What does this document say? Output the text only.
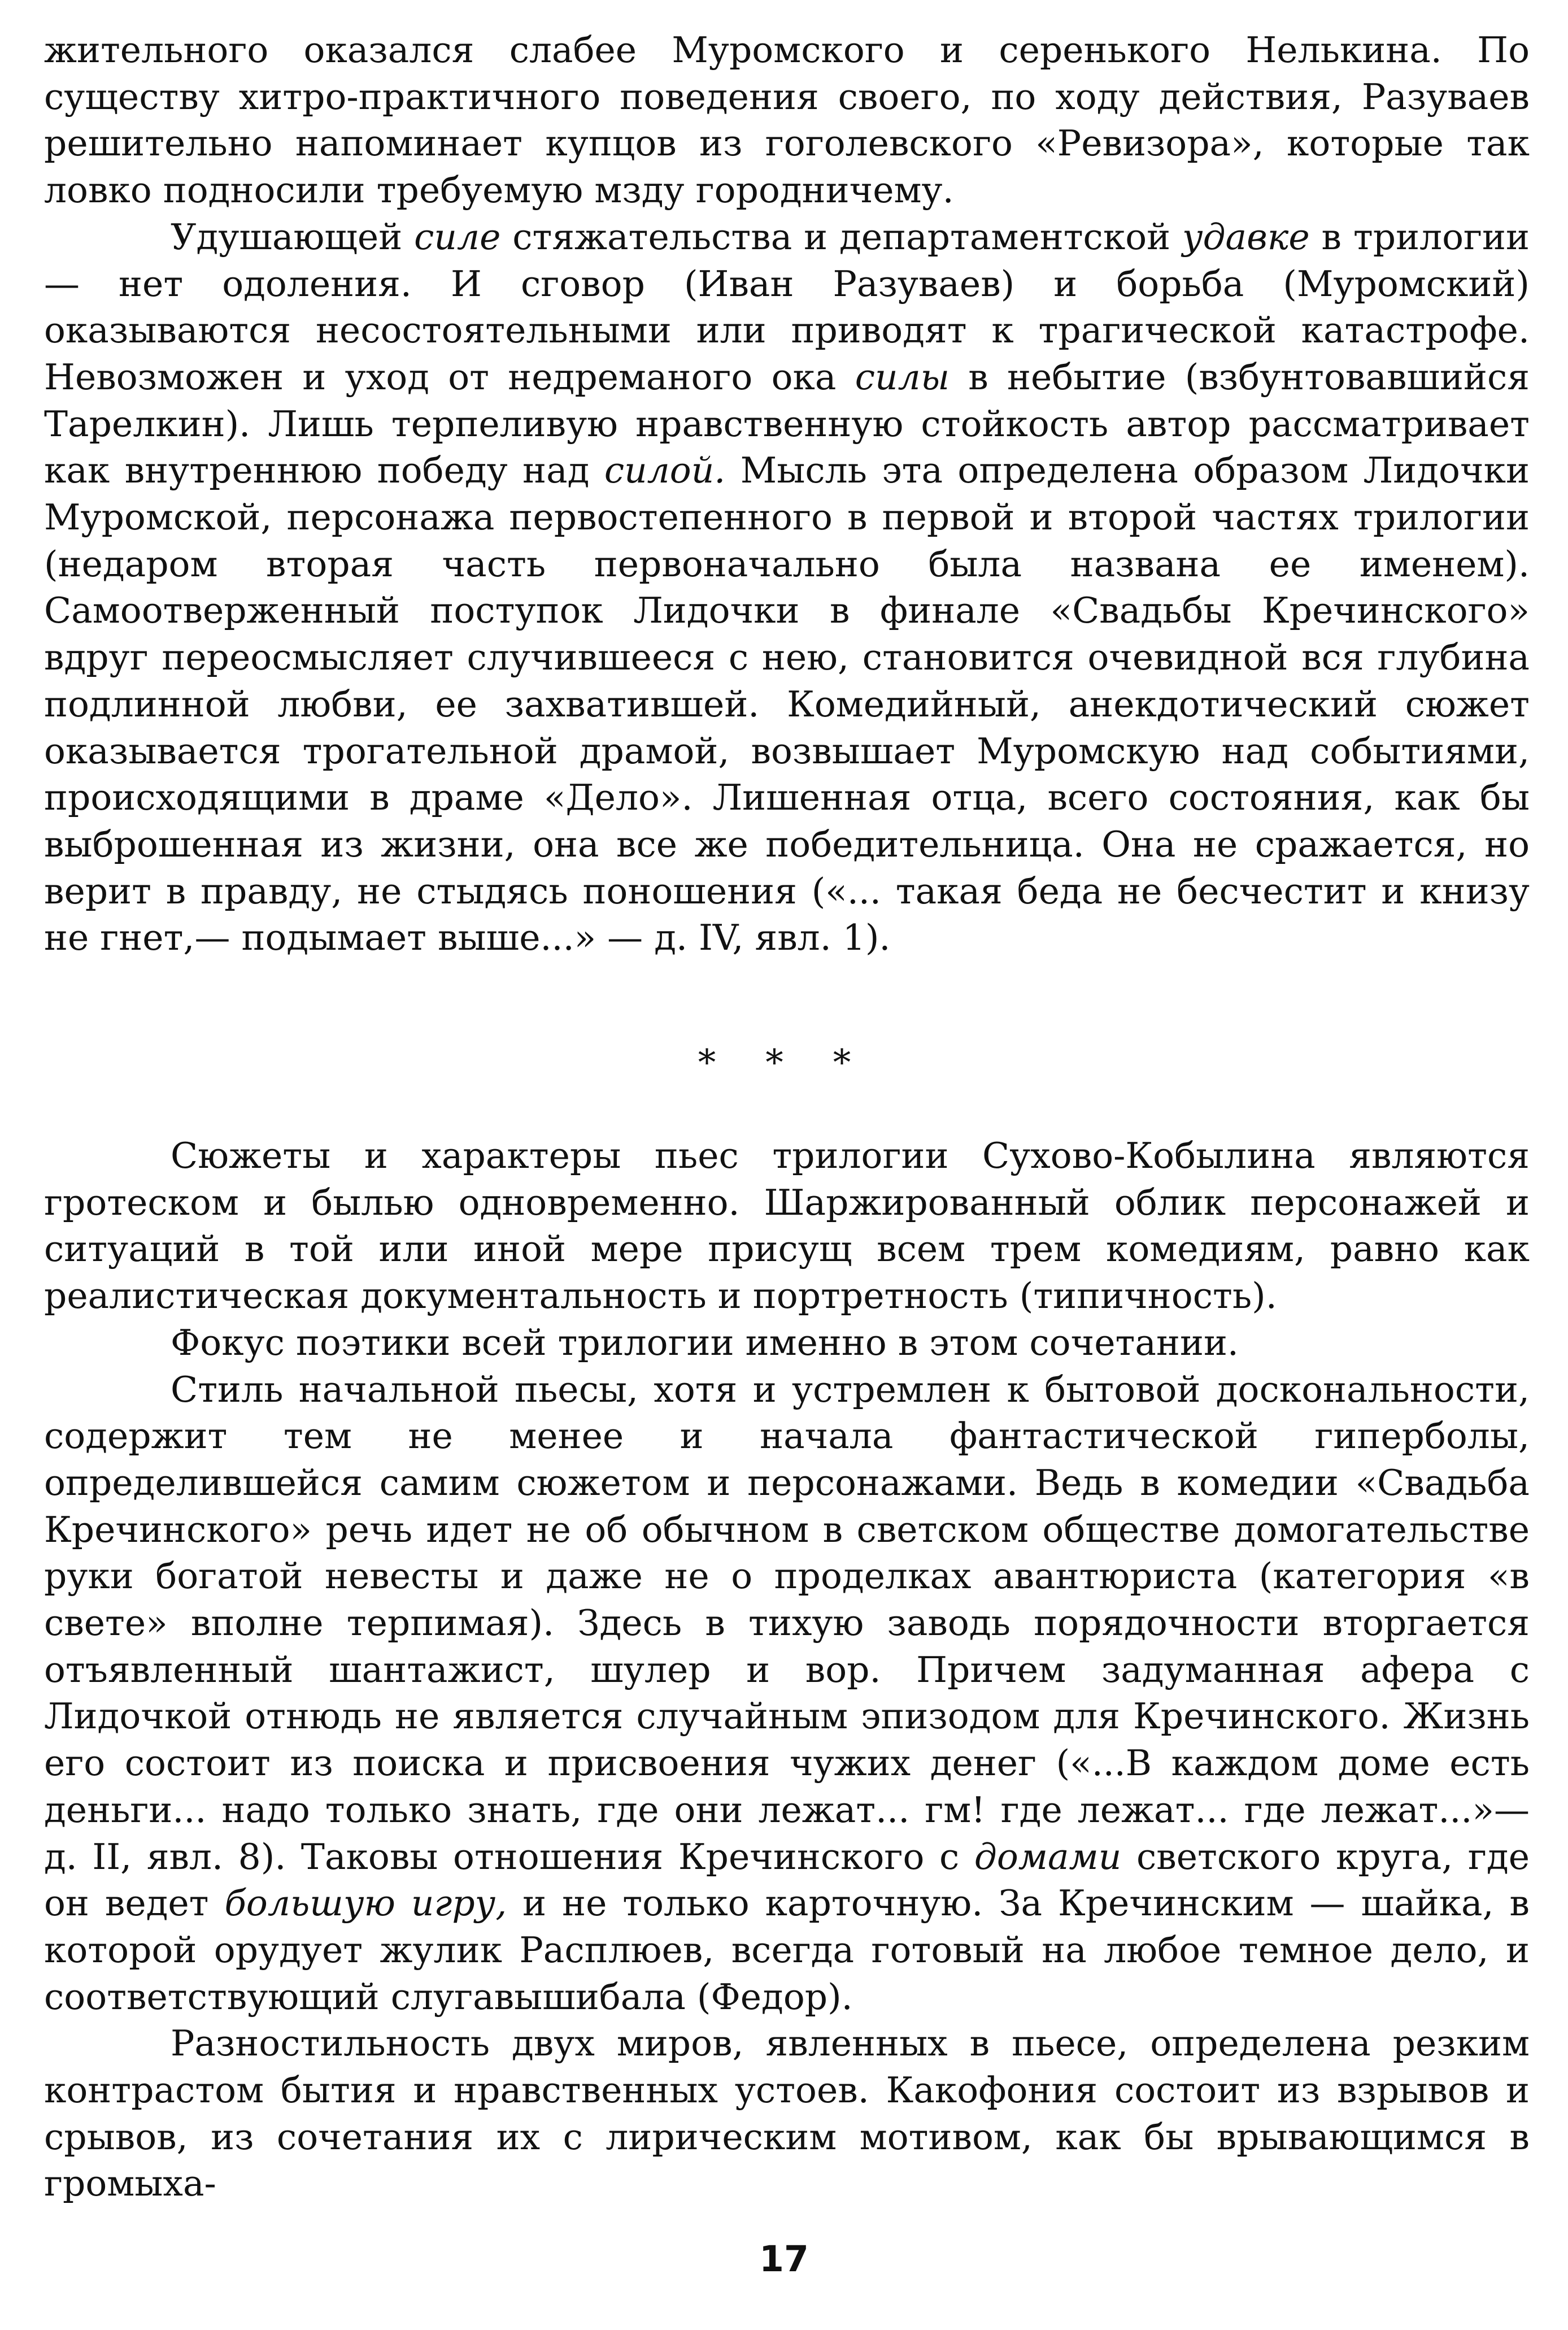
жительного оказался слабее Муромского и серенького Нелькина. По существу хитро-практичного поведения своего, по ходу действия, Разуваев решительно напоминает купцов из гоголевского «Ревизора», которые так ловко подносили требуемую мзду городничему.

Удушающей силе стяжательства и департаментской удавке в трилогии — нет одоления. И сговор (Иван Разуваев) и борьба (Муромский) оказываются несостоятельными или приводят к трагической катастрофе. Невозможен и уход от недреманого ока силы в небытие (взбунтовавшийся Тарелкин). Лишь терпеливую нравственную стойкость автор рассматривает как внутреннюю победу над силой. Мысль эта определена образом Лидочки Муромской, персонажа первостепенного в первой и второй частях трилогии (недаром вторая часть первоначально была названа ее именем). Самоотверженный поступок Лидочки в финале «Свадьбы Кречинского» вдруг переосмысляет случившееся с нею, становится очевидной вся глубина подлинной любви, ее захватившей. Комедийный, анекдотический сюжет оказывается трогательной драмой, возвышает Муромскую над событиями, происходящими в драме «Дело». Лишенная отца, всего состояния, как бы выброшенная из жизни, она все же победительница. Она не сражается, но верит в правду, не стыдясь поношения («... такая беда не бесчестит и книзу не гнет,— подымает выше...» — д. IV, явл. 1).

* * *

Сюжеты и характеры пьес трилогии Сухово-Кобылина являются гротеском и былью одновременно. Шаржированный облик персонажей и ситуаций в той или иной мере присущ всем трем комедиям, равно как реалистическая документальность и портретность (типичность).

Фокус поэтики всей трилогии именно в этом сочетании.

Стиль начальной пьесы, хотя и устремлен к бытовой доскональности, содержит тем не менее и начала фантастической гиперболы, определившейся самим сюжетом и персонажами. Ведь в комедии «Свадьба Кречинского» речь идет не об обычном в светском обществе домогательстве руки богатой невесты и даже не о проделках авантюриста (категория «в свете» вполне терпимая). Здесь в тихую заводь порядочности вторгается отъявленный шантажист, шулер и вор. Причем задуманная афера с Лидочкой отнюдь не является случайным эпизодом для Кречинского. Жизнь его состоит из поиска и присвоения чужих денег («...В каждом доме есть деньги... надо только знать, где они лежат... гм! где лежат... где лежат...»— д. II, явл. 8). Таковы отношения Кречинского с домами светского круга, где он ведет большую игру, и не только карточную. За Кречинским — шайка, в которой орудует жулик Расплюев, всегда готовый на любое темное дело, и соответствующий слугавышибала (Федор).

Разностильность двух миров, явленных в пьесе, определена резким контрастом бытия и нравственных устоев. Какофония состоит из взрывов и срывов, из сочетания их с лирическим мотивом, как бы врывающимся в громыха-

17
